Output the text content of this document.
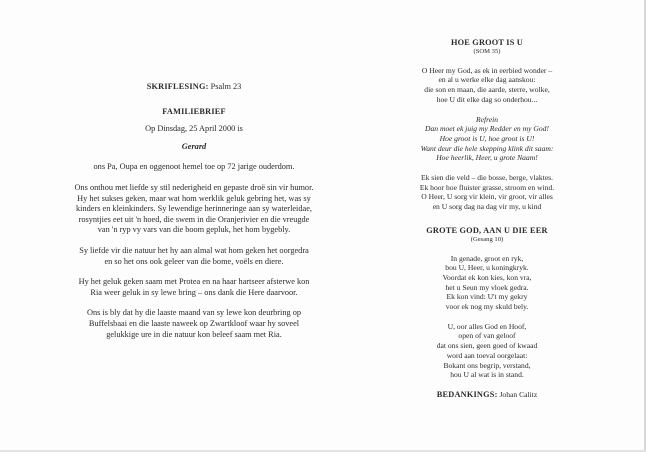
SKRIFLESING: Psalm 23

FAMILIEBRIEF

Op Dinsdag, 25 April 2000 is

Gerard

ons Pa, Oupa en oggenoot hemel toe op 72 jarige ouderdom.

Ons onthou met liefde sy stil nederigheid en gepaste droë sin vir humor.

Hy het sukses geken, maar wat hom werklik geluk gebring het, was sy

kinders en kleinkinders. Sy lewendige herinneringe aan sy waterleidae,

rosyntjies eet uit 'n hoed, die swem in die Oranjerivier en die vreugde

van 'n ryp vy vars van die boom gepluk, het hom bygebly.

Sy liefde vir die natuur het hy aan almal wat hom geken het oorgedra

en so het ons ook geleer van die bome, voëls en diere.

Hy het geluk geken saam met Protea en na haar hartseer afsterwe kon

Ria weer geluk in sy lewe bring – ons dank die Here daarvoor.

Ons is bly dat hy die laaste maand van sy lewe kon deurbring op

Buffelsbaai en die laaste naweek op Zwartkloof waar hy soveel

gelukkige ure in die natuur kon beleef saam met Ria.

HOE GROOT IS U

(SOM 35)

O Heer my God, as ek in eerbied wonder –

en al u werke elke dag aanskou:

die son en maan, die aarde, sterre, wolke,

hoe U dit elke dag so onderhou...

Refrein

Dan moet ek juig my Redder en my God!

Hoe groot is U, hoe groot is U!

Want deur die hele skepping klink dit saam:

Hoe heerlik, Heer, u grote Naam!

Ek sien die veld – die bosse, berge, vlaktes.

Ek hoor hoe fluister grasse, stroom en wind.

O Heer, U sorg vir klein, vir groot, vir alles

en U sorg dag na dag vir my, u kind

GROTE GOD, AAN U DIE EER

(Gesang 10)

In genade, groot en ryk,

bou U, Heer, u koningkryk.

Voordat ek kon kies, kon vra,

het u Seun my vloek gedra.

Ek kon vind: U't my gekry

voor ek nog my skuld bely.

U, oor alles God en Hoof,

open of van geloof

dat ons sien, geen goed of kwaad

word aan toeval oorgelaat:

Bokant ons begrip, verstand,

hou U al wat is in stand.

BEDANKINGS: Johan Calitz
